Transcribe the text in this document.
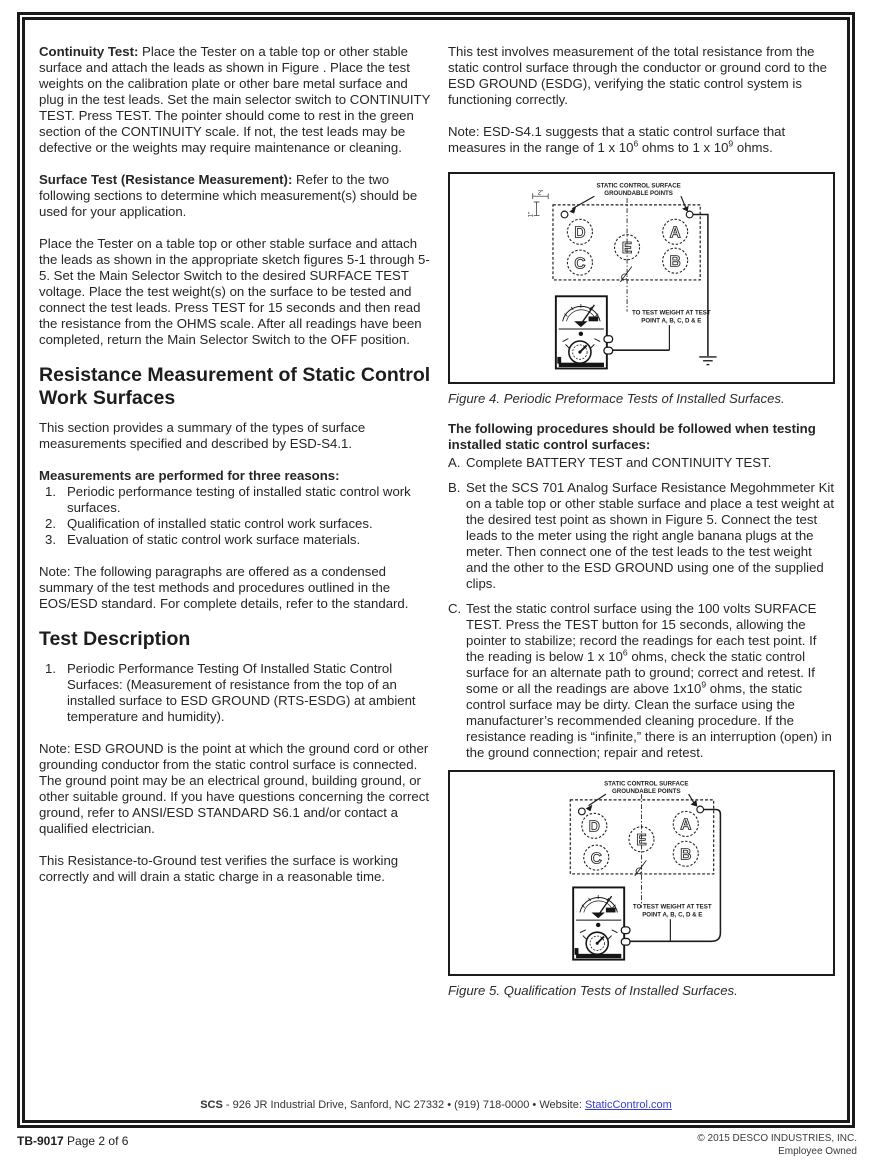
Continuity Test: Place the Tester on a table top or other stable surface and attach the leads as shown in Figure . Place the test weights on the calibration plate or other bare metal surface and plug in the test leads. Set the main selector switch to CONTINUITY TEST. Press TEST. The pointer should come to rest in the green section of the CONTINUITY scale. If not, the test leads may be defective or the weights may require maintenance or cleaning.

Surface Test (Resistance Measurement): Refer to the two following sections to determine which measurement(s) should be used for your application.

Place the Tester on a table top or other stable surface and attach the leads as shown in the appropriate sketch figures 5-1 through 5-5. Set the Main Selector Switch to the desired SURFACE TEST voltage. Place the test weight(s) on the surface to be tested and connect the test leads. Press TEST for 15 seconds and then read the resistance from the OHMS scale. After all readings have been completed, return the Main Selector Switch to the OFF position.

Resistance Measurement of Static Control Work Surfaces

This section provides a summary of the types of surface measurements specified and described by ESD-S4.1.

Measurements are performed for three reasons:
1. Periodic performance testing of installed static control work surfaces.
2. Qualification of installed static control work surfaces.
3. Evaluation of static control work surface materials.

Note: The following paragraphs are offered as a condensed summary of the test methods and procedures outlined in the EOS/ESD standard. For complete details, refer to the standard.

Test Description
1. Periodic Performance Testing Of Installed Static Control Surfaces: (Measurement of resistance from the top of an installed surface to ESD GROUND (RTS-ESDG) at ambient temperature and humidity).

Note: ESD GROUND is the point at which the ground cord or other grounding conductor from the static control surface is connected. The ground point may be an electrical ground, building ground, or other suitable ground. If you have questions concerning the correct ground, refer to ANSI/ESD STANDARD S6.1 and/or contact a qualified electrician.

This Resistance-to-Ground test verifies the surface is working correctly and will drain a static charge in a reasonable time.

This test involves measurement of the total resistance from the static control surface through the conductor or ground cord to the ESD GROUND (ESDG), verifying the static control system is functioning correctly.

Note: ESD-S4.1 suggests that a static control surface that measures in the range of 1 x $10^6$ ohms to 1 x $10^9$ ohms.

STATIC CONTROL SURFACE
GROUNDABLE POINTS
2"
1"
D	A
E
C	B
C
TO TEST WEIGHT AT TEST
POINT A, B, C, D & E
Figure 4. Periodic Preformace Tests of Installed Surfaces.
The following procedures should be followed when testing installed static control surfaces:
A. Complete BATTERY TEST and CONTINUITY TEST.
B. Set the SCS 701 Analog Surface Resistance Megohmmeter Kit on a table top or other stable surface and place a test weight at the desired test point as shown in Figure 5. Connect the test leads to the meter using the right angle banana plugs at the meter. Then connect one of the test leads to the test weight and the other to the ESD GROUND using one of the supplied clips.
C. Test the static control surface using the 100 volts SURFACE TEST. Press the TEST button for 15 seconds, allowing the pointer to stabilize; record the readings for each test point. If the reading is below 1 x $10^6$ ohms, check the static control surface for an alternate path to ground; correct and retest. If some or all the readings are above $1x10^9$ ohms, the static control surface may be dirty. Clean the surface using the manufacturer’s recommended cleaning procedure. If the resistance reading is “infinite,” there is an interruption (open) in the ground connection; repair and retest.
STATIC CONTROL SURFACE
GROUNDABLE POINTS
D	A
E
C	B
C
TO TEST WEIGHT AT TEST
POINT A, B, C, D & E
Figure 5. Qualification Tests of Installed Surfaces.
SCS - 926 JR Industrial Drive, Sanford, NC 27332 • (919) 718-0000 • Website: StaticControl.com
TB-9017 Page 2 of 6	© 2015 DESCO INDUSTRIES, INC.
Employee Owned
